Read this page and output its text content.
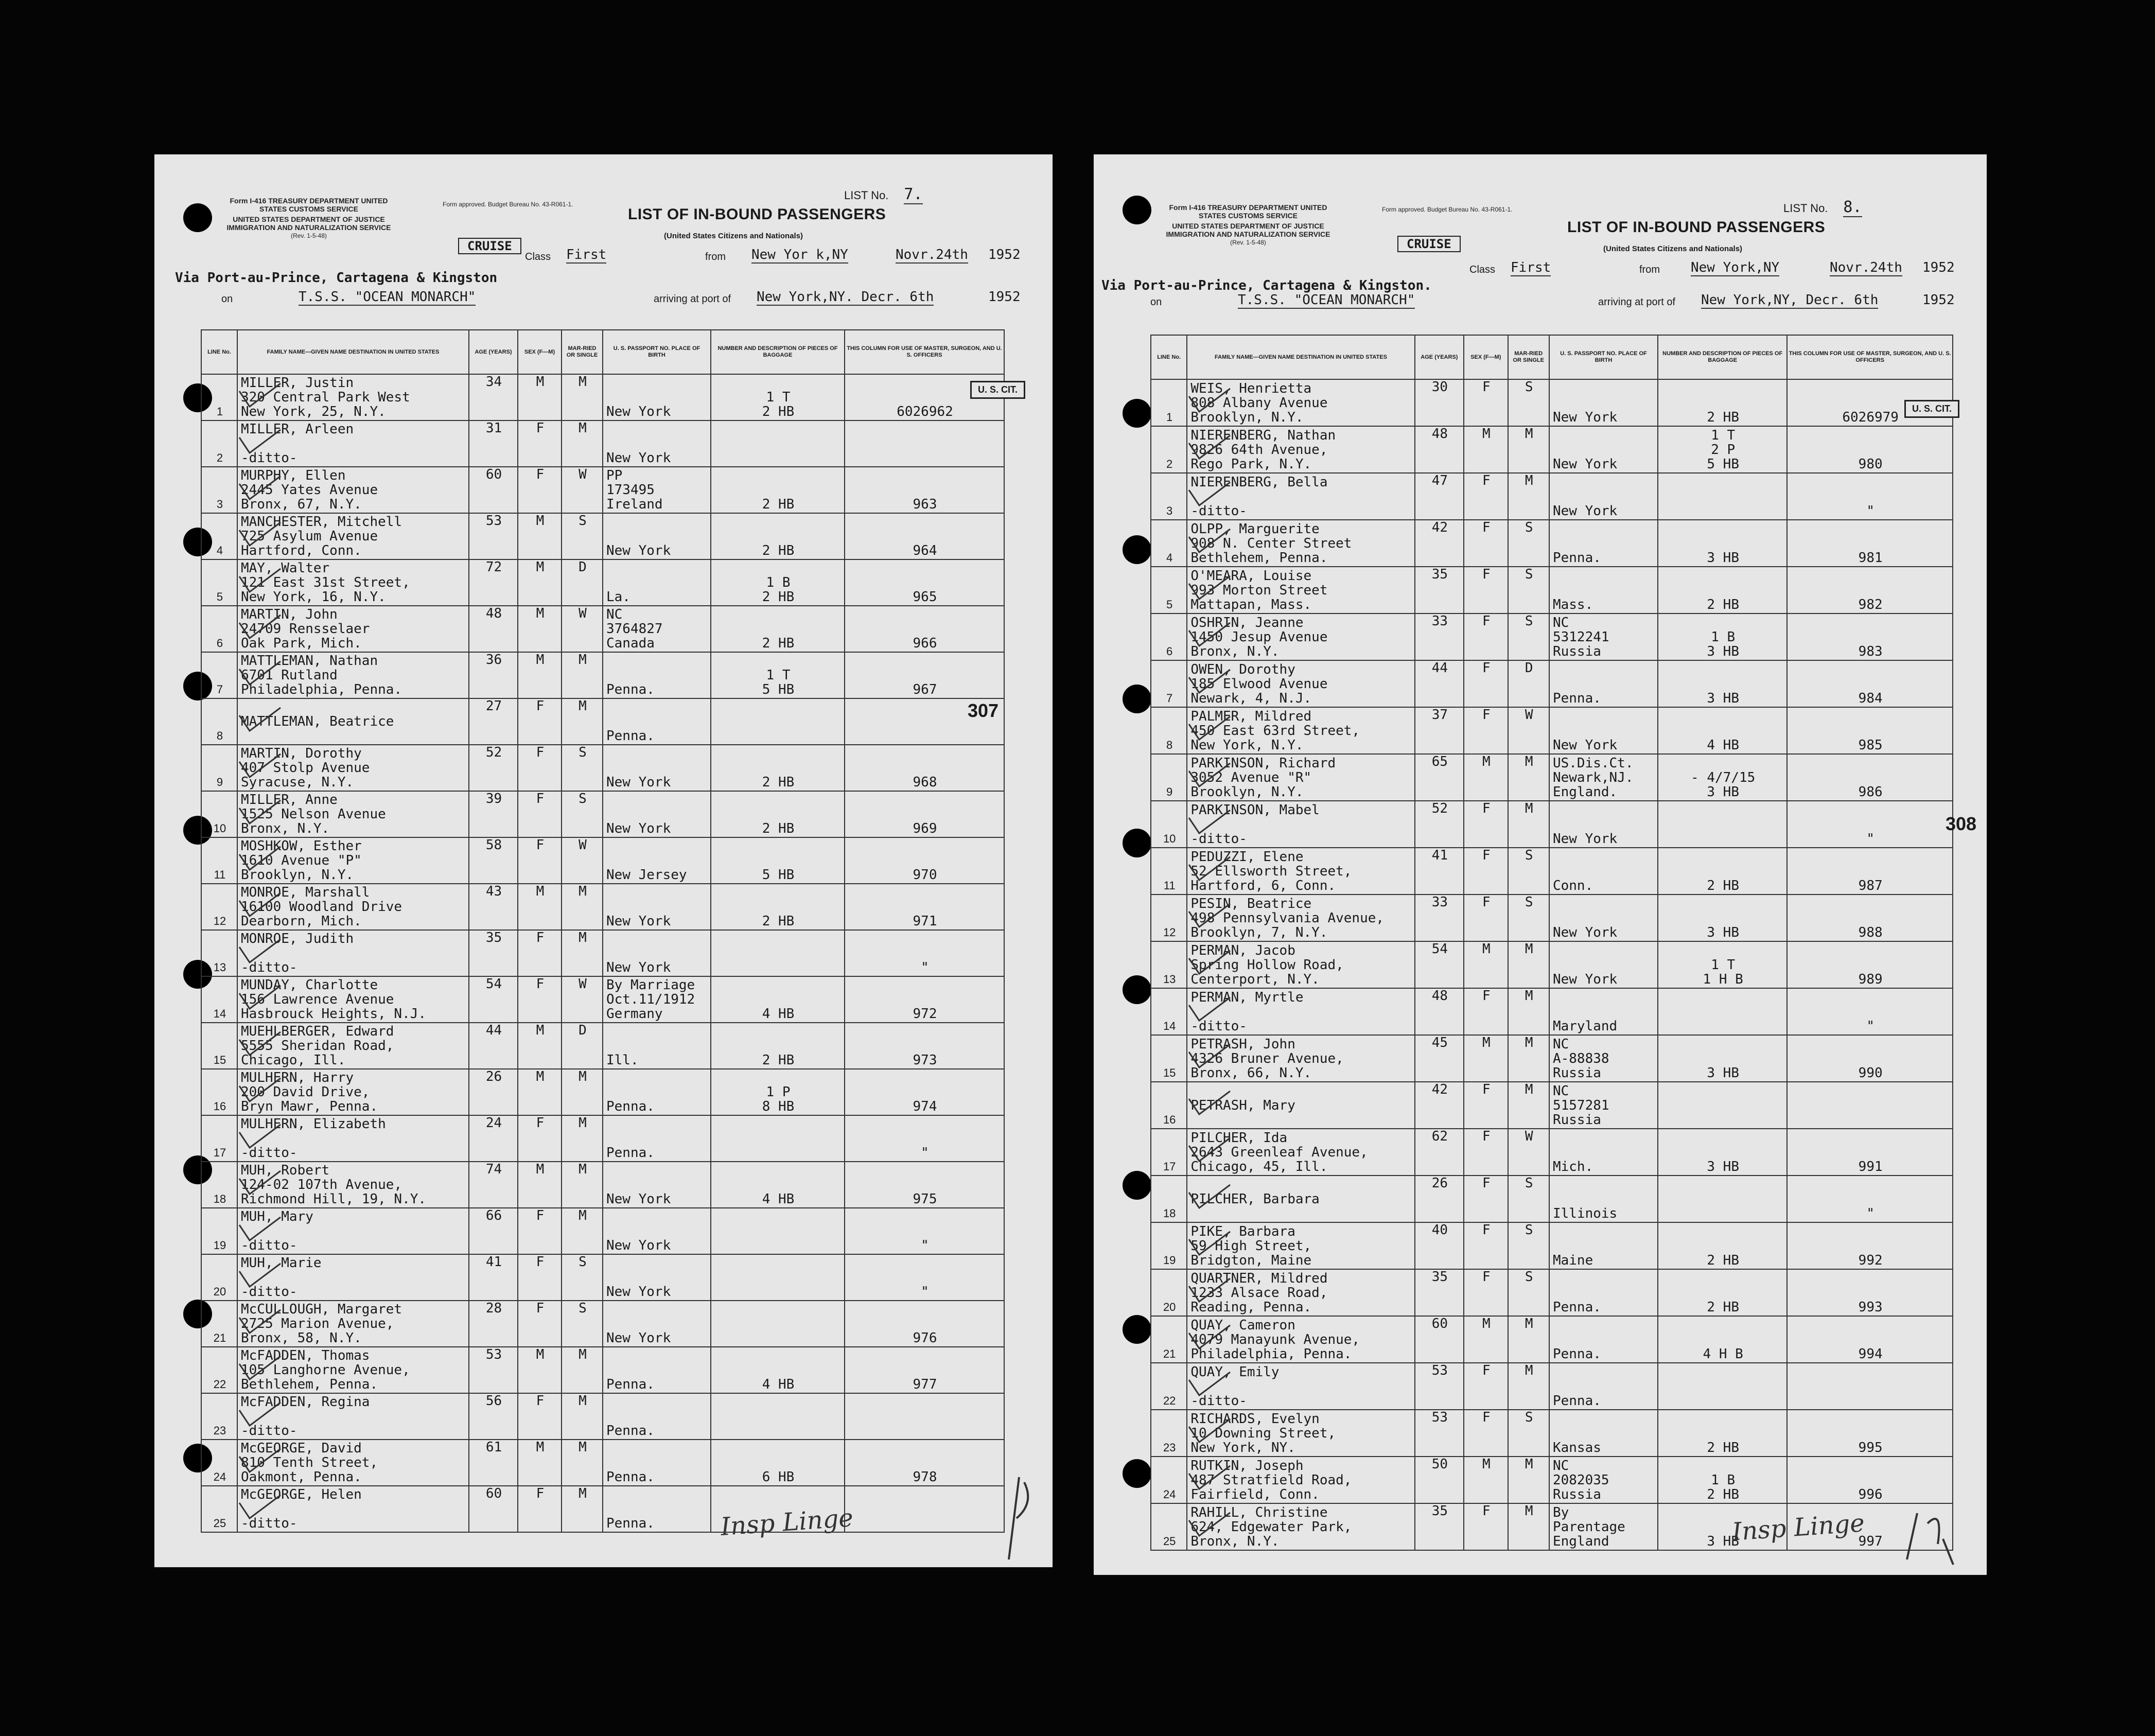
Form I-416 TREASURY DEPARTMENT UNITED STATES CUSTOMS SERVICE
UNITED STATES DEPARTMENT OF JUSTICE IMMIGRATION AND NATURALIZATION SERVICE
(Rev. 1-5-48)
Form approved. Budget Bureau No. 43-R061-1.
LIST No. 7.
LIST OF IN-BOUND PASSENGERS
(United States Citizens and Nationals)
CRUISE
Class First	from New Yor k,NY	Novr.24th 1952
Via Port-au-Prince, Cartagena & Kingston
on	T.S.S. "OCEAN MONARCH"	arriving at port of New York,NY. Decr. 6th	1952
LINE No.	FAMILY NAME—GIVEN NAME DESTINATION IN UNITED STATES	AGE (YEARS)	SEX (F—M)	MAR-RIED OR SINGLE	U. S. PASSPORT NO. PLACE OF BIRTH	NUMBER AND DESCRIPTION OF PIECES OF BAGGAGE	THIS COLUMN FOR USE OF MASTER, SURGEON, AND U. S. OFFICERS
1	MILLER, Justin
320 Central Park West
New York, 25, N.Y.	34	M	M	New York	1 T
2 HB	6026962
2	MILLER, Arleen

-ditto-	31	F	M	New York		
3	MURPHY, Ellen
2445 Yates Avenue
Bronx, 67, N.Y.	60	F	W	PP
173495
Ireland	2 HB	963
4	MANCHESTER, Mitchell
725 Asylum Avenue
Hartford, Conn.	53	M	S	New York	2 HB	964
5	MAY, Walter
121 East 31st Street,
New York, 16, N.Y.	72	M	D	La.	1 B
2 HB	965
6	MARTIN, John
24709 Rensselaer
Oak Park, Mich.	48	M	W	NC
3764827
Canada	2 HB	966
7	MATTLEMAN, Nathan
6701 Rutland
Philadelphia, Penna.	36	M	M	Penna.	1 T
5 HB	967
8	MATTLEMAN, Beatrice	27	F	M	Penna.		
9	MARTIN, Dorothy
407 Stolp Avenue
Syracuse, N.Y.	52	F	S	New York	2 HB	968
10	MILLER, Anne
1525 Nelson Avenue
Bronx, N.Y.	39	F	S	New York	2 HB	969
11	MOSHKOW, Esther
1610 Avenue "P"
Brooklyn, N.Y.	58	F	W	New Jersey	5 HB	970
12	MONROE, Marshall
16100 Woodland Drive
Dearborn, Mich.	43	M	M	New York	2 HB	971
13	MONROE, Judith

-ditto-	35	F	M	New York		"
14	MUNDAY, Charlotte
156 Lawrence Avenue
Hasbrouck Heights, N.J.	54	F	W	By Marriage
Oct.11/1912
Germany	4 HB	972
15	MUEHLBERGER, Edward
5555 Sheridan Road,
Chicago, Ill.	44	M	D	Ill.	2 HB	973
16	MULHERN, Harry
200 David Drive,
Bryn Mawr, Penna.	26	M	M	Penna.	1 P
8 HB	974
17	MULHERN, Elizabeth

-ditto-	24	F	M	Penna.		"
18	MUH, Robert
124-02 107th Avenue,
Richmond Hill, 19, N.Y.	74	M	M	New York	4 HB	975
19	MUH, Mary

-ditto-	66	F	M	New York		"
20	MUH, Marie

-ditto-	41	F	S	New York		"
21	McCULLOUGH, Margaret
2725 Marion Avenue,
Bronx, 58, N.Y.	28	F	S	New York		976
22	McFADDEN, Thomas
105 Langhorne Avenue,
Bethlehem, Penna.	53	M	M	Penna.	4 HB	977
23	McFADDEN, Regina

-ditto-	56	F	M	Penna.		
24	McGEORGE, David
810 Tenth Street,
Oakmont, Penna.	61	M	M	Penna.	6 HB	978
25	McGEORGE, Helen

-ditto-	60	F	M	Penna.		
U. S. CIT.
307
Insp Linge
Form I-416 TREASURY DEPARTMENT UNITED STATES CUSTOMS SERVICE
UNITED STATES DEPARTMENT OF JUSTICE IMMIGRATION AND NATURALIZATION SERVICE
(Rev. 1-5-48)
Form approved. Budget Bureau No. 43-R061-1.	LIST No. 8.
LIST OF IN-BOUND PASSENGERS
(United States Citizens and Nationals)
CRUISE
Class First	from New York,NY	Novr.24th 1952
Via Port-au-Prince, Cartagena & Kingston.
on	T.S.S. "OCEAN MONARCH"	arriving at port of New York,NY, Decr. 6th	1952
LINE No.	FAMILY NAME—GIVEN NAME DESTINATION IN UNITED STATES	AGE (YEARS)	SEX (F—M)	MAR-RIED OR SINGLE	U. S. PASSPORT NO. PLACE OF BIRTH	NUMBER AND DESCRIPTION OF PIECES OF BAGGAGE	THIS COLUMN FOR USE OF MASTER, SURGEON, AND U. S. OFFICERS
1	WEIS, Henrietta
808 Albany Avenue
Brooklyn, N.Y.	30	F	S	New York	2 HB	6026979
2	NIERENBERG, Nathan
9826 64th Avenue,
Rego Park, N.Y.	48	M	M	New York	1 T
2 P
5 HB	980
3	NIERENBERG, Bella

-ditto-	47	F	M	New York		"
4	OLPP, Marguerite
908 N. Center Street
Bethlehem, Penna.	42	F	S	Penna.	3 HB	981
5	O'MEARA, Louise
993 Morton Street
Mattapan, Mass.	35	F	S	Mass.	2 HB	982
6	OSHRIN, Jeanne
1450 Jesup Avenue
Bronx, N.Y.	33	F	S	NC
5312241
Russia	1 B
3 HB	983
7	OWEN, Dorothy
185 Elwood Avenue
Newark, 4, N.J.	44	F	D	Penna.	3 HB	984
8	PALMER, Mildred
450 East 63rd Street,
New York, N.Y.	37	F	W	New York	4 HB	985
9	PARKINSON, Richard
3052 Avenue "R"
Brooklyn, N.Y.	65	M	M	US.Dis.Ct.
Newark,NJ.
England.	- 4/7/15
3 HB	986
10	PARKINSON, Mabel

-ditto-	52	F	M	New York		"
11	PEDUZZI, Elene
52 Ellsworth Street,
Hartford, 6, Conn.	41	F	S	Conn.	2 HB	987
12	PESIN, Beatrice
498 Pennsylvania Avenue,
Brooklyn, 7, N.Y.	33	F	S	New York	3 HB	988
13	PERMAN, Jacob
Spring Hollow Road,
Centerport, N.Y.	54	M	M	New York	1 T
1 H B	989
14	PERMAN, Myrtle

-ditto-	48	F	M	Maryland		"
15	PETRASH, John
4326 Bruner Avenue,
Bronx, 66, N.Y.	45	M	M	NC
A-88838
Russia	3 HB	990
16	PETRASH, Mary	42	F	M	NC
5157281
Russia		
17	PILCHER, Ida
2643 Greenleaf Avenue,
Chicago, 45, Ill.	62	F	W	Mich.	3 HB	991
18	PILCHER, Barbara	26	F	S	Illinois		"
19	PIKE, Barbara
59 High Street,
Bridgton, Maine	40	F	S	Maine	2 HB	992
20	QUARTNER, Mildred
1233 Alsace Road,
Reading, Penna.	35	F	S	Penna.	2 HB	993
21	QUAY, Cameron
4079 Manayunk Avenue,
Philadelphia, Penna.	60	M	M	Penna.	4 H B	994
22	QUAY, Emily

-ditto-	53	F	M	Penna.		
23	RICHARDS, Evelyn
10 Downing Street,
New York, NY.	53	F	S	Kansas	2 HB	995
24	RUTKIN, Joseph
487 Stratfield Road,
Fairfield, Conn.	50	M	M	NC
2082035
Russia	1 B
2 HB	996
25	RAHILL, Christine
624, Edgewater Park,
Bronx, N.Y.	35	F	M	By
Parentage
England	3 HB	997
U. S. CIT.
308
Insp Linge
